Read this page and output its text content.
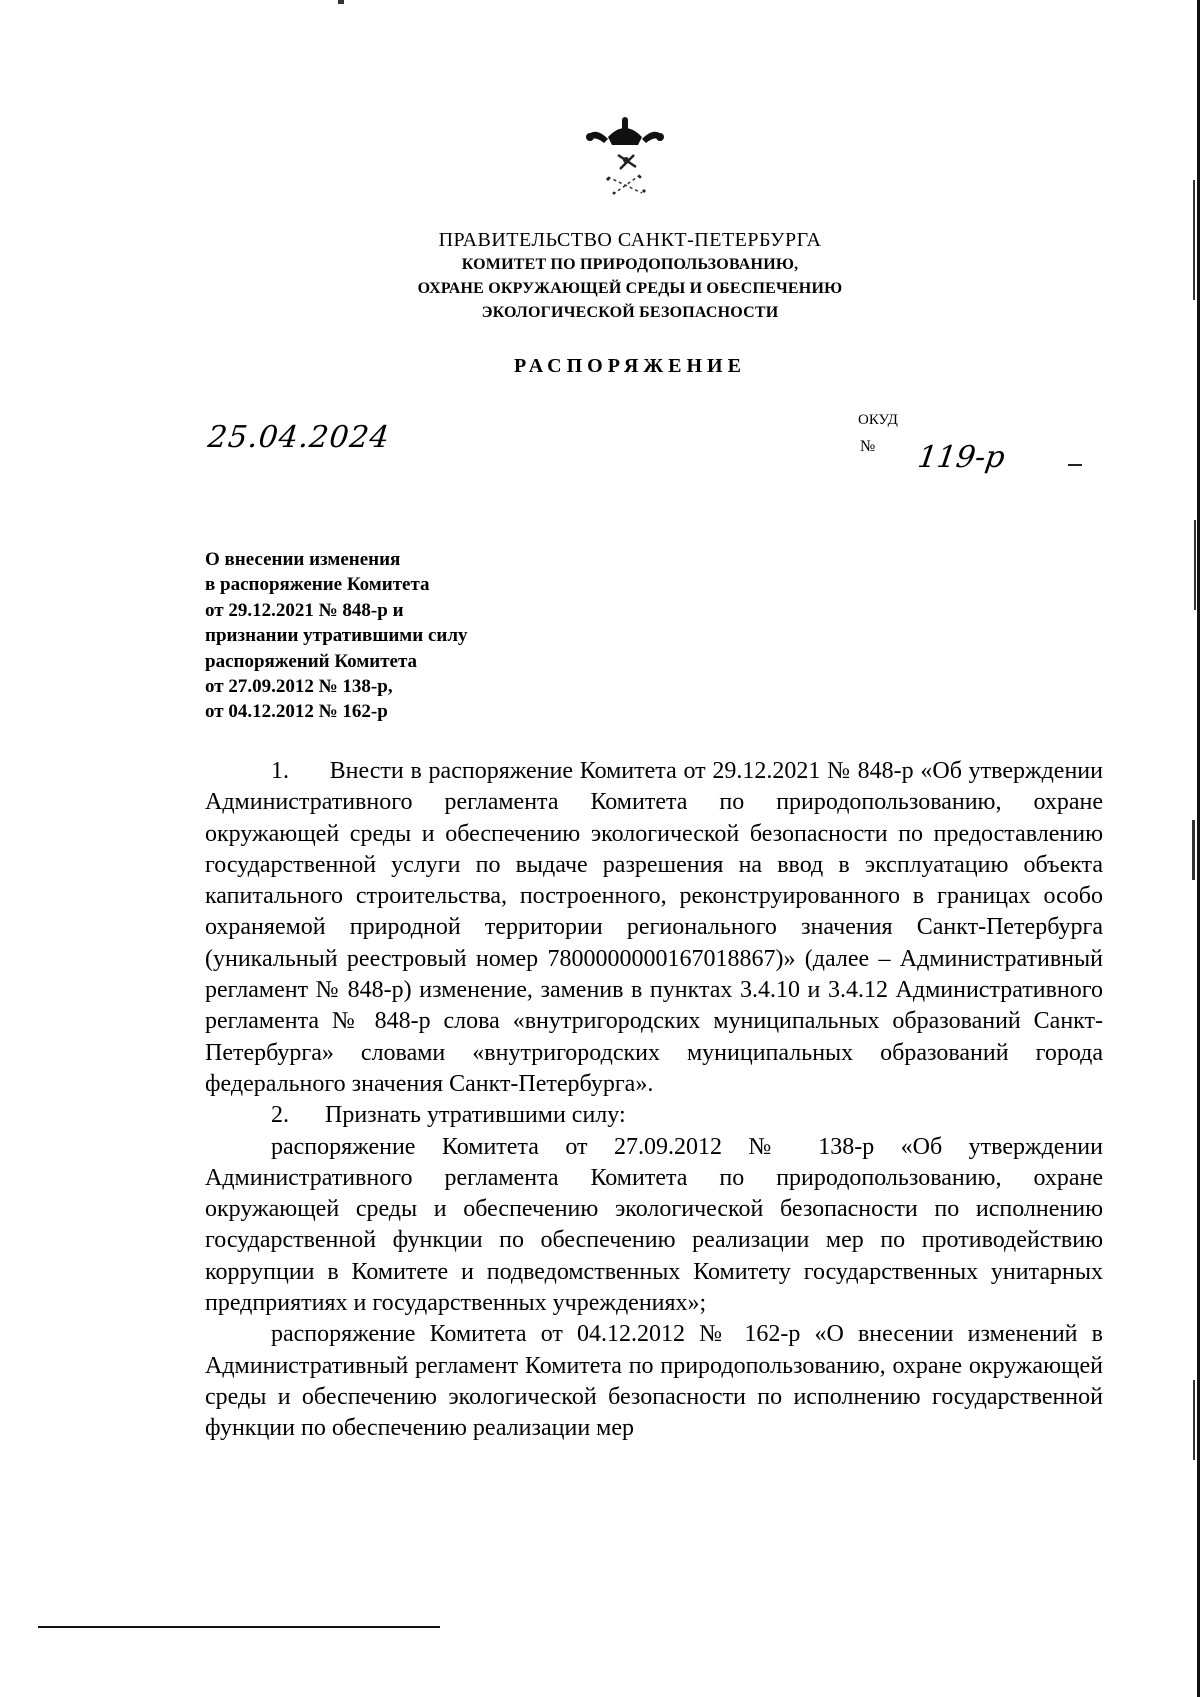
ПРАВИТЕЛЬСТВО САНКТ-ПЕТЕРБУРГА
КОМИТЕТ ПО ПРИРОДОПОЛЬЗОВАНИЮ,
ОХРАНЕ ОКРУЖАЮЩЕЙ СРЕДЫ И ОБЕСПЕЧЕНИЮ
ЭКОЛОГИЧЕСКОЙ БЕЗОПАСНОСТИ
РАСПОРЯЖЕНИЕ
25.04.2024	ОКУД
№ 119-р
О внесении изменения
в распоряжение Комитета
от 29.12.2021 № 848-р и
признании утратившими силу
распоряжений Комитета
от 27.09.2012 № 138-р,
от 04.12.2012 № 162-р

1. Внести в распоряжение Комитета от 29.12.2021 № 848-р «Об утверждении Административного регламента Комитета по природопользованию, охране окружающей среды и обеспечению экологической безопасности по предоставлению государственной услуги по выдаче разрешения на ввод в эксплуатацию объекта капитального строительства, построенного, реконструированного в границах особо охраняемой природной территории регионального значения Санкт-Петербурга (уникальный реестровый номер 7800000000167018867)» (далее – Административный регламент № 848-р) изменение, заменив в пунктах 3.4.10 и 3.4.12 Административного регламента № 848-р слова «внутригородских муниципальных образований Санкт-Петербурга» словами «внутригородских муниципальных образований города федерального значения Санкт-Петербурга».

2. Признать утратившими силу:

распоряжение Комитета от 27.09.2012 № 138-р «Об утверждении Административного регламента Комитета по природопользованию, охране окружающей среды и обеспечению экологической безопасности по исполнению государственной функции по обеспечению реализации мер по противодействию коррупции в Комитете и подведомственных Комитету государственных унитарных предприятиях и государственных учреждениях»;

распоряжение Комитета от 04.12.2012 № 162-р «О внесении изменений в Административный регламент Комитета по природопользованию, охране окружающей среды и обеспечению экологической безопасности по исполнению государственной функции по обеспечению реализации мер
